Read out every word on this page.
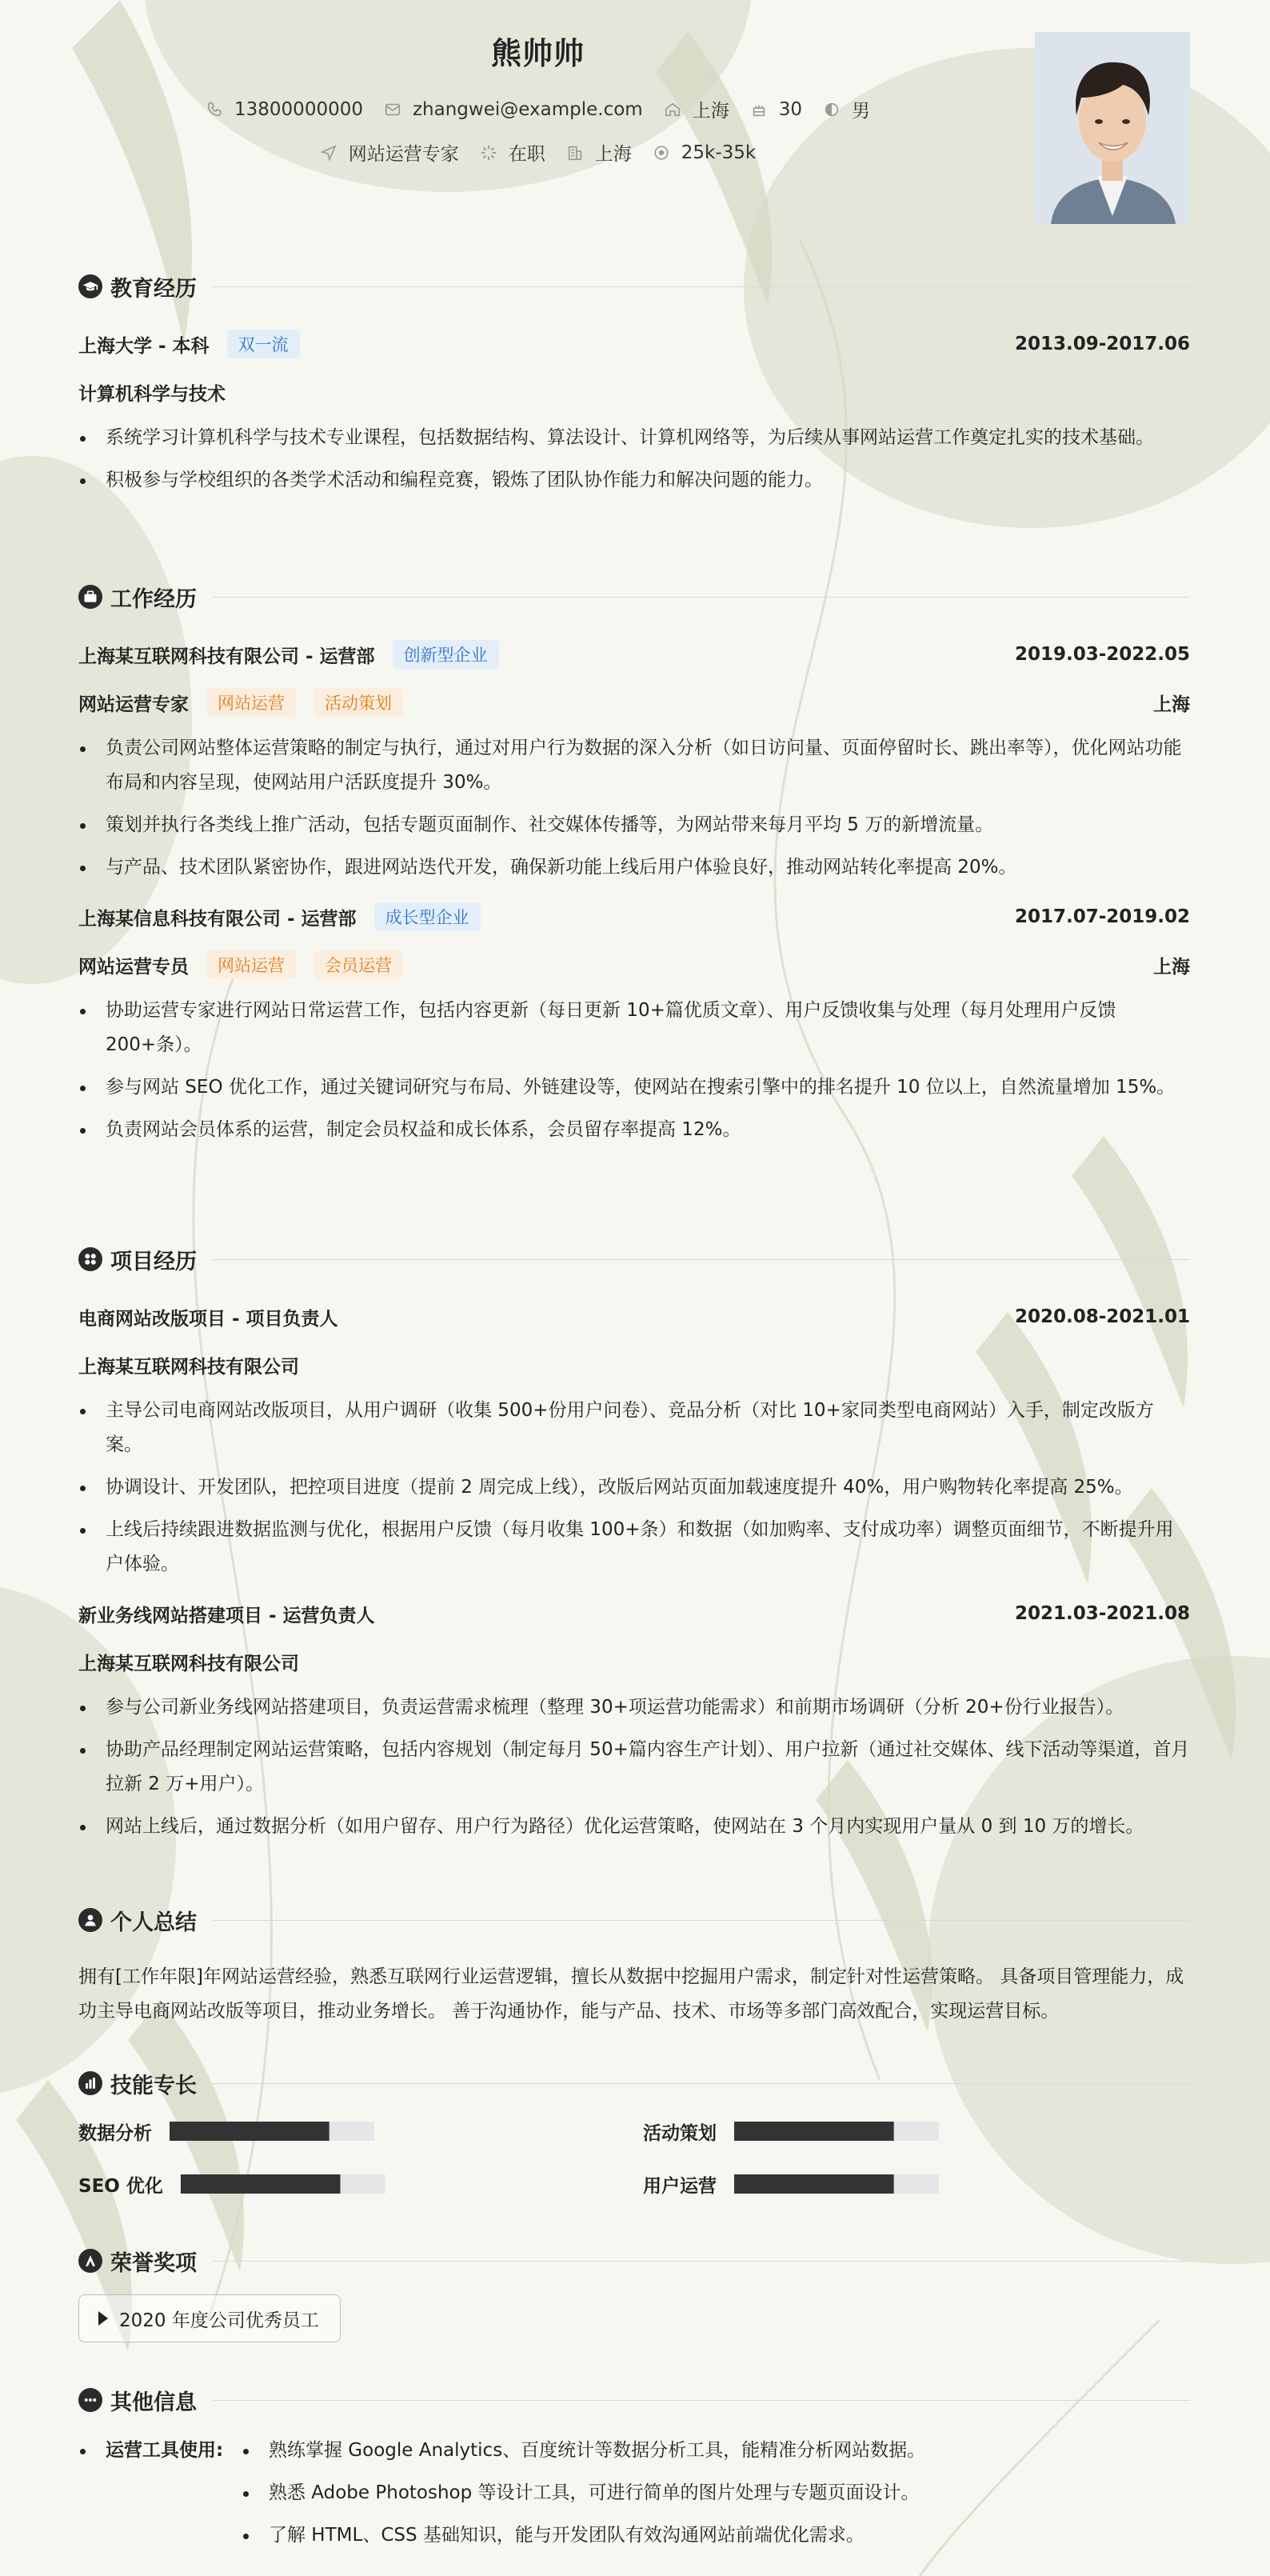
熊帅帅
13800000000	zhangwei@example.com	上海	30	男
网站运营专家	在职	上海	25k-35k
教育经历
上海大学 - 本科	双一流	2013.09-2017.06
计算机科学与技术
系统学习计算机科学与技术专业课程，包括数据结构、算法设计、计算机网络等，为后续从事网站运营工作奠定扎实的技术基础。
积极参与学校组织的各类学术活动和编程竞赛，锻炼了团队协作能力和解决问题的能力。
工作经历
上海某互联网科技有限公司 - 运营部	创新型企业	2019.03-2022.05
网站运营专家	网站运营	活动策划	上海
负责公司网站整体运营策略的制定与执行，通过对用户行为数据的深入分析（如日访问量、页面停留时长、跳出率等），优化网站功能布局和内容呈现，使网站用户活跃度提升 30%。
策划并执行各类线上推广活动，包括专题页面制作、社交媒体传播等，为网站带来每月平均 5 万的新增流量。
与产品、技术团队紧密协作，跟进网站迭代开发，确保新功能上线后用户体验良好，推动网站转化率提高 20%。
上海某信息科技有限公司 - 运营部	成长型企业	2017.07-2019.02
网站运营专员	网站运营	会员运营	上海
协助运营专家进行网站日常运营工作，包括内容更新（每日更新 10+篇优质文章）、用户反馈收集与处理（每月处理用户反馈 200+条）。
参与网站 SEO 优化工作，通过关键词研究与布局、外链建设等，使网站在搜索引擎中的排名提升 10 位以上，自然流量增加 15%。
负责网站会员体系的运营，制定会员权益和成长体系，会员留存率提高 12%。
项目经历
电商网站改版项目 - 项目负责人	2020.08-2021.01
上海某互联网科技有限公司
主导公司电商网站改版项目，从用户调研（收集 500+份用户问卷）、竞品分析（对比 10+家同类型电商网站）入手，制定改版方案。
协调设计、开发团队，把控项目进度（提前 2 周完成上线），改版后网站页面加载速度提升 40%，用户购物转化率提高 25%。
上线后持续跟进数据监测与优化，根据用户反馈（每月收集 100+条）和数据（如加购率、支付成功率）调整页面细节，不断提升用户体验。
新业务线网站搭建项目 - 运营负责人	2021.03-2021.08
上海某互联网科技有限公司
参与公司新业务线网站搭建项目，负责运营需求梳理（整理 30+项运营功能需求）和前期市场调研（分析 20+份行业报告）。
协助产品经理制定网站运营策略，包括内容规划（制定每月 50+篇内容生产计划）、用户拉新（通过社交媒体、线下活动等渠道，首月拉新 2 万+用户）。
网站上线后，通过数据分析（如用户留存、用户行为路径）优化运营策略，使网站在 3 个月内实现用户量从 0 到 10 万的增长。
个人总结
拥有[工作年限]年网站运营经验，熟悉互联网行业运营逻辑，擅长从数据中挖掘用户需求，制定针对性运营策略。 具备项目管理能力，成功主导电商网站改版等项目，推动业务增长。 善于沟通协作，能与产品、技术、市场等多部门高效配合，实现运营目标。
技能专长
数据分析	活动策划
SEO 优化	用户运营
荣誉奖项
2020 年度公司优秀员工
其他信息
运营工具使用:	熟练掌握 Google Analytics、百度统计等数据分析工具，能精准分析网站数据。
熟悉 Adobe Photoshop 等设计工具，可进行简单的图片处理与专题页面设计。
了解 HTML、CSS 基础知识，能与开发团队有效沟通网站前端优化需求。
